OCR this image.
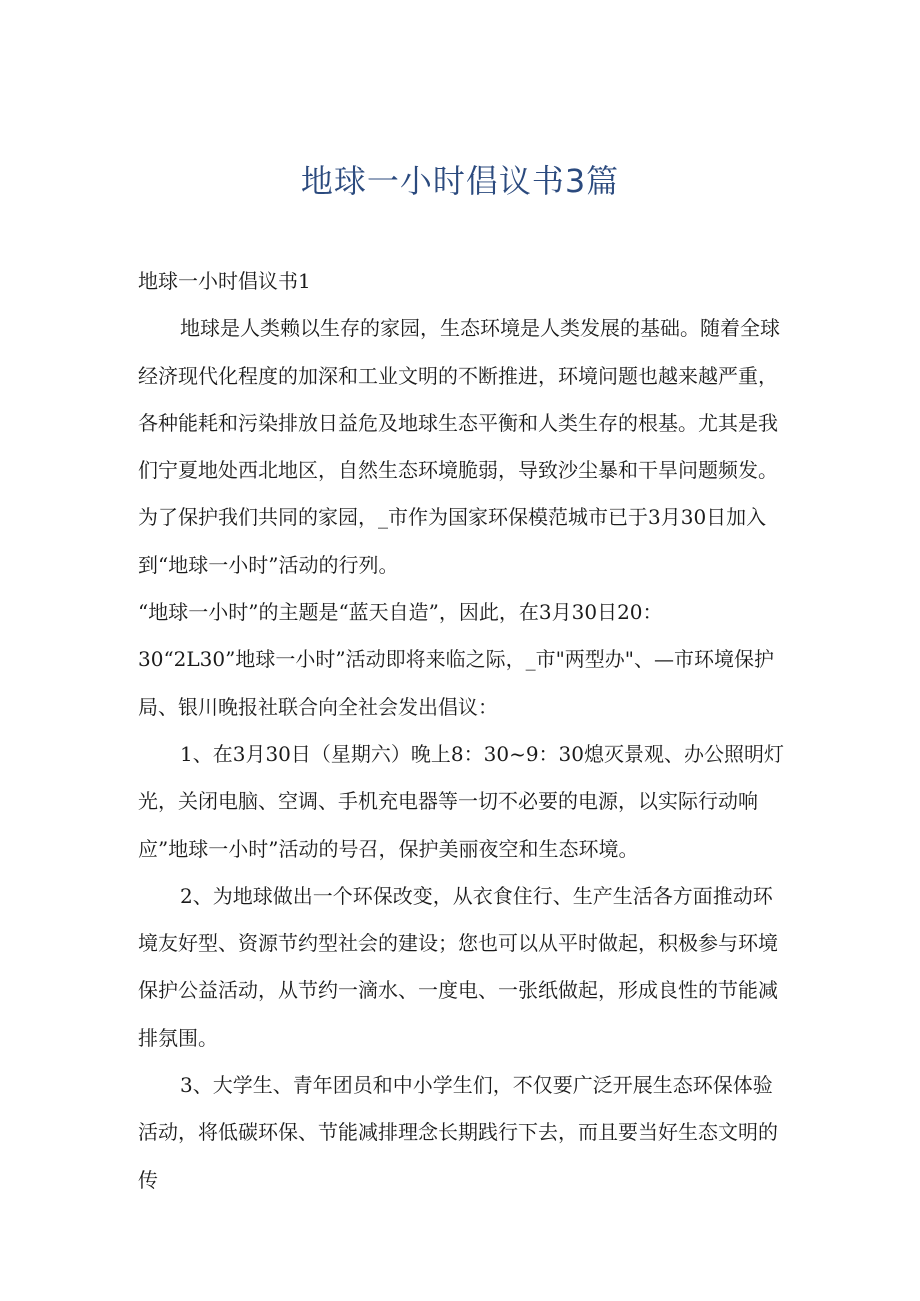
地球一小时倡议书3篇

地球一小时倡议书1

地球是人类赖以生存的家园，生态环境是人类发展的基础。随着全球经济现代化程度的加深和工业文明的不断推进，环境问题也越来越严重，各种能耗和污染排放日益危及地球生态平衡和人类生存的根基。尤其是我们宁夏地处西北地区，自然生态环境脆弱，导致沙尘暴和干旱问题频发。为了保护我们共同的家园，_市作为国家环保模范城市已于3月30日加入到“地球一小时”活动的行列。

“地球一小时”的主题是“蓝天自造”，因此，在3月30日20：

30“2L30”地球一小时”活动即将来临之际，_市"两型办"、—市环境保护局、银川晚报社联合向全社会发出倡议：

1、在3月30日（星期六）晚上8：30~9：30熄灭景观、办公照明灯光，关闭电脑、空调、手机充电器等一切不必要的电源，以实际行动响应”地球一小时”活动的号召，保护美丽夜空和生态环境。

2、为地球做出一个环保改变，从衣食住行、生产生活各方面推动环境友好型、资源节约型社会的建设；您也可以从平时做起，积极参与环境保护公益活动，从节约一滴水、一度电、一张纸做起，形成良性的节能减排氛围。

3、大学生、青年团员和中小学生们，不仅要广泛开展生态环保体验活动，将低碳环保、节能减排理念长期践行下去，而且要当好生态文明的传
